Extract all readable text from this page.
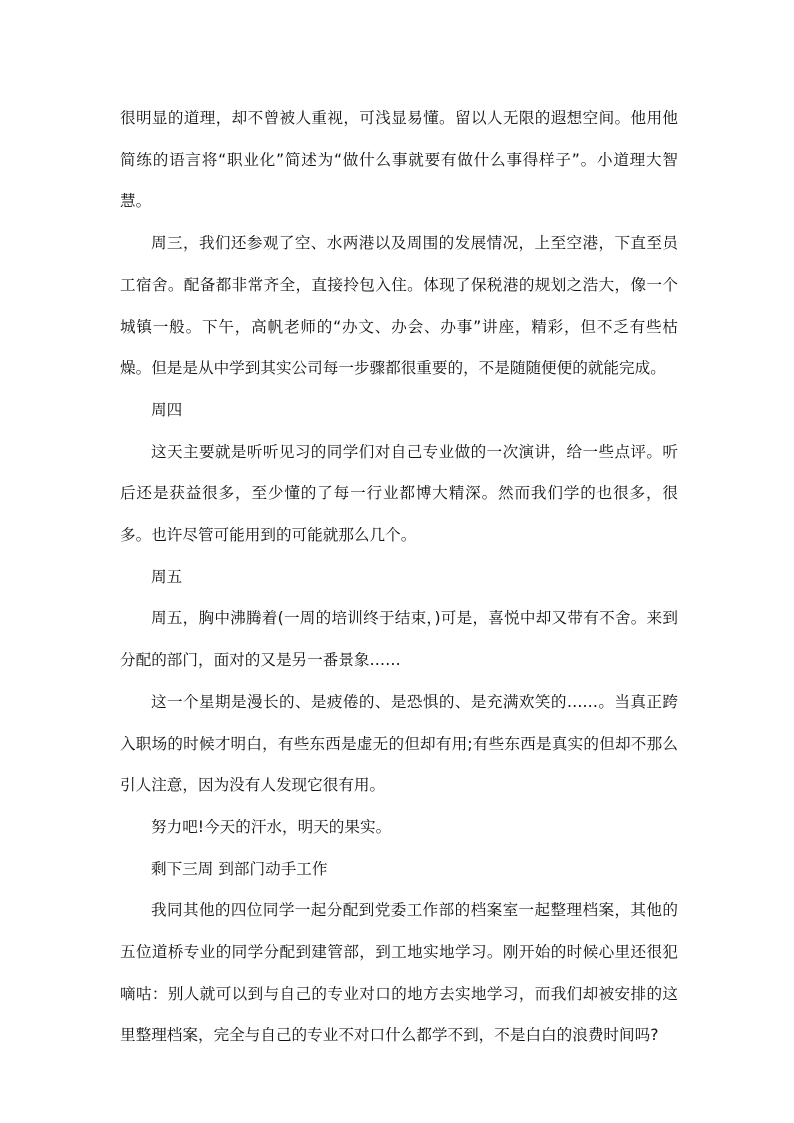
很明显的道理，却不曾被人重视，可浅显易懂。留以人无限的遐想空间。他用他简练的语言将“职业化”简述为“做什么事就要有做什么事得样子”。小道理大智慧。

周三，我们还参观了空、水两港以及周围的发展情况，上至空港，下直至员工宿舍。配备都非常齐全，直接拎包入住。体现了保税港的规划之浩大，像一个城镇一般。下午，高帆老师的“办文、办会、办事”讲座，精彩，但不乏有些枯燥。但是是从中学到其实公司每一步骤都很重要的，不是随随便便的就能完成。

周四

这天主要就是听听见习的同学们对自己专业做的一次演讲，给一些点评。听后还是获益很多，至少懂的了每一行业都博大精深。然而我们学的也很多，很多。也许尽管可能用到的可能就那么几个。

周五

周五，胸中沸腾着(一周的培训终于结束，)可是，喜悦中却又带有不舍。来到分配的部门，面对的又是另一番景象……

这一个星期是漫长的、是疲倦的、是恐惧的、是充满欢笑的……。当真正跨入职场的时候才明白，有些东西是虚无的但却有用;有些东西是真实的但却不那么引人注意，因为没有人发现它很有用。

努力吧!今天的汗水，明天的果实。

剩下三周 到部门动手工作

我同其他的四位同学一起分配到党委工作部的档案室一起整理档案，其他的五位道桥专业的同学分配到建管部，到工地实地学习。刚开始的时候心里还很犯嘀咕：别人就可以到与自己的专业对口的地方去实地学习，而我们却被安排的这里整理档案，完全与自己的专业不对口什么都学不到，不是白白的浪费时间吗?
